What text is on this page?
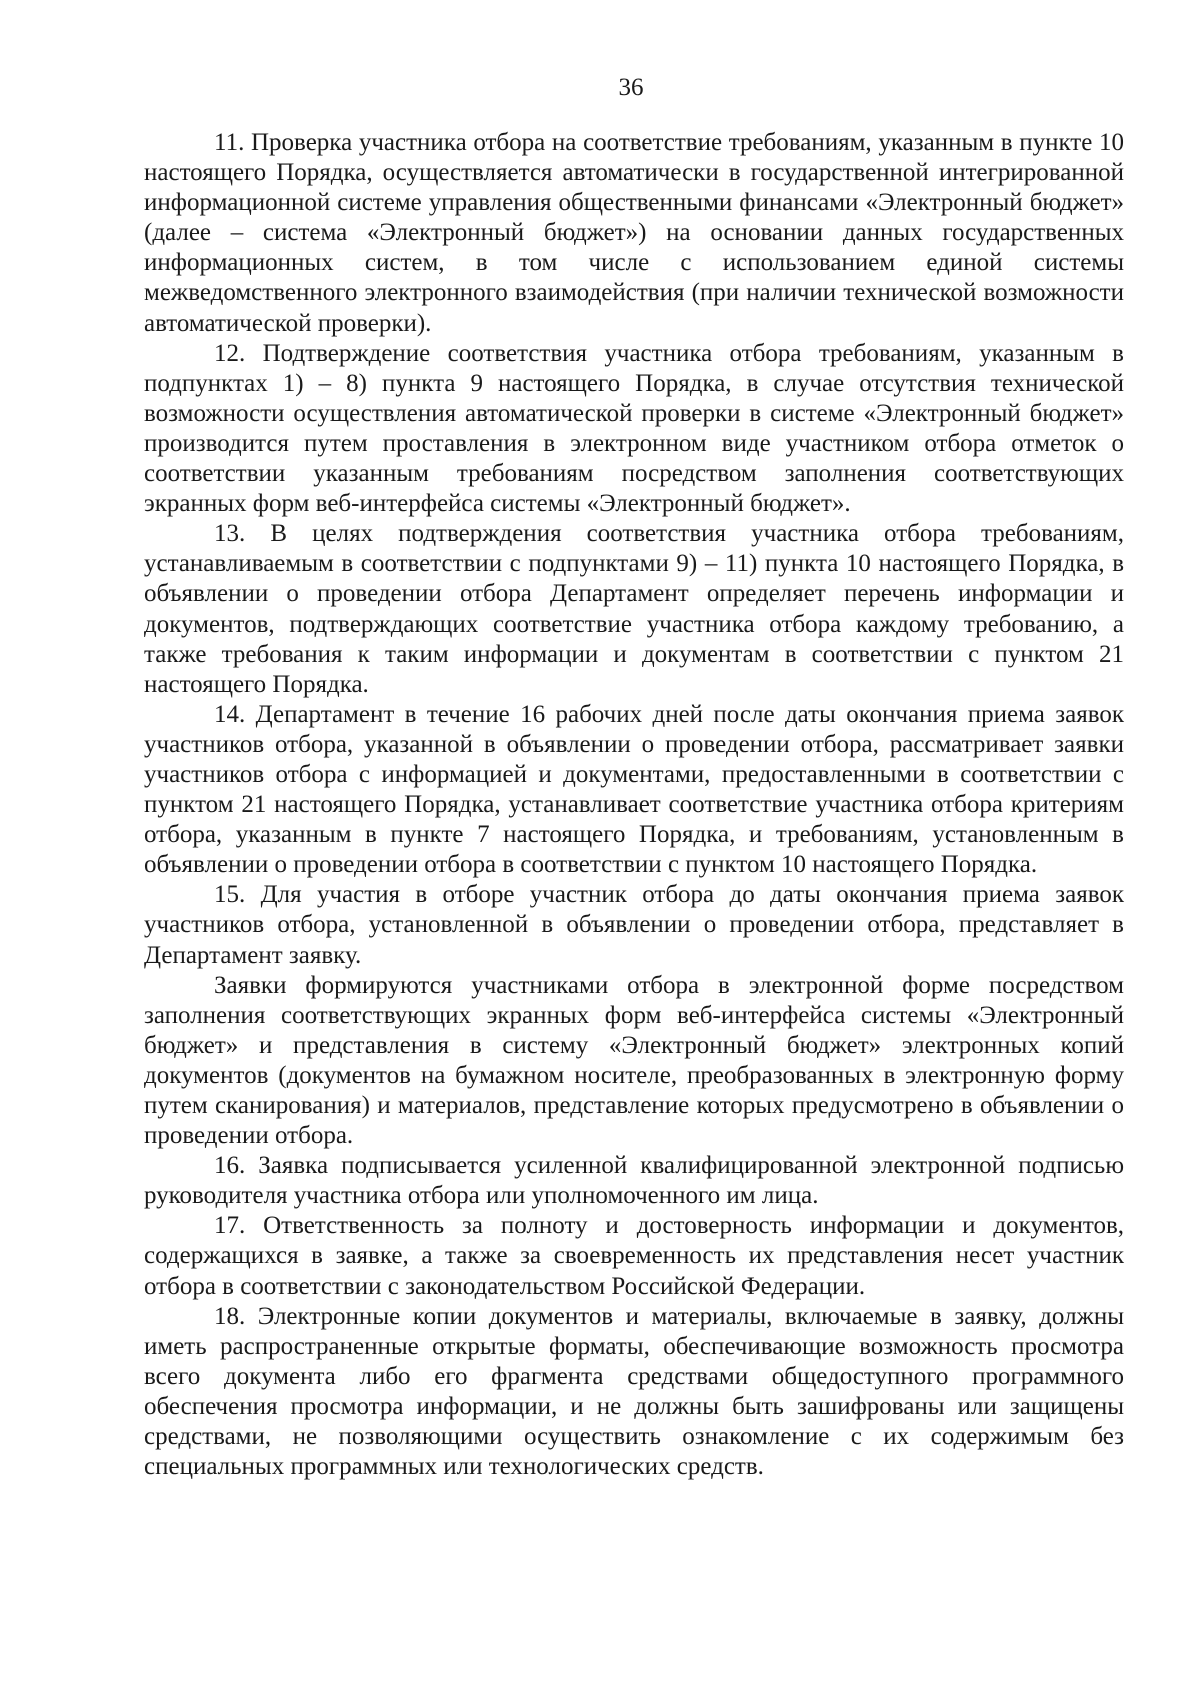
36

11. Проверка участника отбора на соответствие требованиям, указанным в пункте 10 настоящего Порядка, осуществляется автоматически в государственной интегрированной информационной системе управления общественными финансами «Электронный бюджет» (далее – система «Электронный бюджет») на основании данных государственных информационных систем, в том числе с использованием единой системы межведомственного электронного взаимодействия (при наличии технической возможности автоматической проверки).

12. Подтверждение соответствия участника отбора требованиям, указанным в подпунктах 1) – 8) пункта 9 настоящего Порядка, в случае отсутствия технической возможности осуществления автоматической проверки в системе «Электронный бюджет» производится путем проставления в электронном виде участником отбора отметок о соответствии указанным требованиям посредством заполнения соответствующих экранных форм веб-интерфейса системы «Электронный бюджет».

13. В целях подтверждения соответствия участника отбора требованиям, устанавливаемым в соответствии с подпунктами 9) – 11) пункта 10 настоящего Порядка, в объявлении о проведении отбора Департамент определяет перечень информации и документов, подтверждающих соответствие участника отбора каждому требованию, а также требования к таким информации и документам в соответствии с пунктом 21 настоящего Порядка.

14. Департамент в течение 16 рабочих дней после даты окончания приема заявок участников отбора, указанной в объявлении о проведении отбора, рассматривает заявки участников отбора с информацией и документами, предоставленными в соответствии с пунктом 21 настоящего Порядка, устанавливает соответствие участника отбора критериям отбора, указанным в пункте 7 настоящего Порядка, и требованиям, установленным в объявлении о проведении отбора в соответствии с пунктом 10 настоящего Порядка.

15. Для участия в отборе участник отбора до даты окончания приема заявок участников отбора, установленной в объявлении о проведении отбора, представляет в Департамент заявку.

Заявки формируются участниками отбора в электронной форме посредством заполнения соответствующих экранных форм веб-интерфейса системы «Электронный бюджет» и представления в систему «Электронный бюджет» электронных копий документов (документов на бумажном носителе, преобразованных в электронную форму путем сканирования) и материалов, представление которых предусмотрено в объявлении о проведении отбора.

16. Заявка подписывается усиленной квалифицированной электронной подписью руководителя участника отбора или уполномоченного им лица.

17. Ответственность за полноту и достоверность информации и документов, содержащихся в заявке, а также за своевременность их представления несет участник отбора в соответствии с законодательством Российской Федерации.

18. Электронные копии документов и материалы, включаемые в заявку, должны иметь распространенные открытые форматы, обеспечивающие возможность просмотра всего документа либо его фрагмента средствами общедоступного программного обеспечения просмотра информации, и не должны быть зашифрованы или защищены средствами, не позволяющими осуществить ознакомление с их содержимым без специальных программных или технологических средств.
